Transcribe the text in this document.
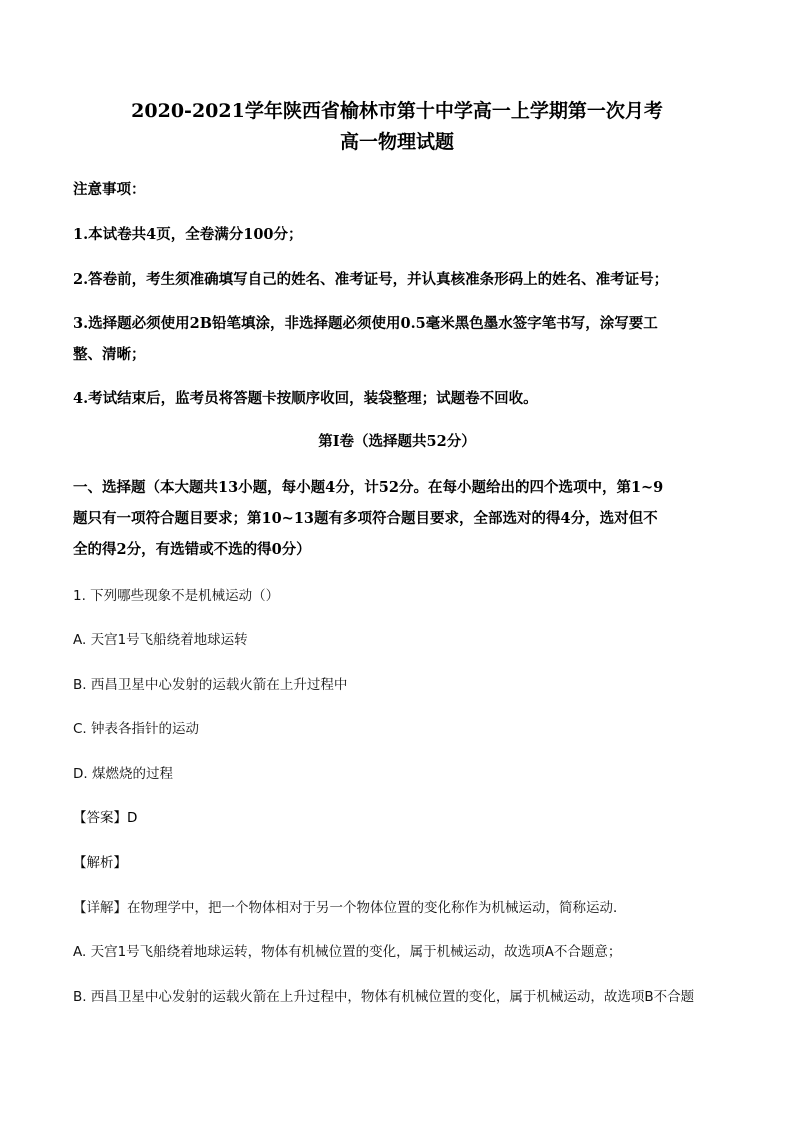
2020-2021学年陕西省榆林市第十中学高一上学期第一次月考
高一物理试题
注意事项：
1.本试卷共4页，全卷满分100分；
2.答卷前，考生须准确填写自己的姓名、准考证号，并认真核准条形码上的姓名、准考证号；
3.选择题必须使用2B铅笔填涂，非选择题必须使用0.5毫米黑色墨水签字笔书写，涂写要工
整、清晰；
4.考试结束后，监考员将答题卡按顺序收回，装袋整理；试题卷不回收。
第Ⅰ卷（选择题共52分）
一、选择题（本大题共13小题，每小题4分，计52分。在每小题给出的四个选项中，第1~9
题只有一项符合题目要求；第10~13题有多项符合题目要求，全部选对的得4分，选对但不
全的得2分，有选错或不选的得0分）
1. 下列哪些现象不是机械运动（）
A. 天宫1号飞船绕着地球运转
B. 西昌卫星中心发射的运载火箭在上升过程中
C. 钟表各指针的运动
D. 煤燃烧的过程
【答案】D
【解析】
【详解】在物理学中，把一个物体相对于另一个物体位置的变化称作为机械运动，简称运动．
A. 天宫1号飞船绕着地球运转，物体有机械位置的变化，属于机械运动，故选项A不合题意；
B. 西昌卫星中心发射的运载火箭在上升过程中，物体有机械位置的变化，属于机械运动，故选项B不合题
